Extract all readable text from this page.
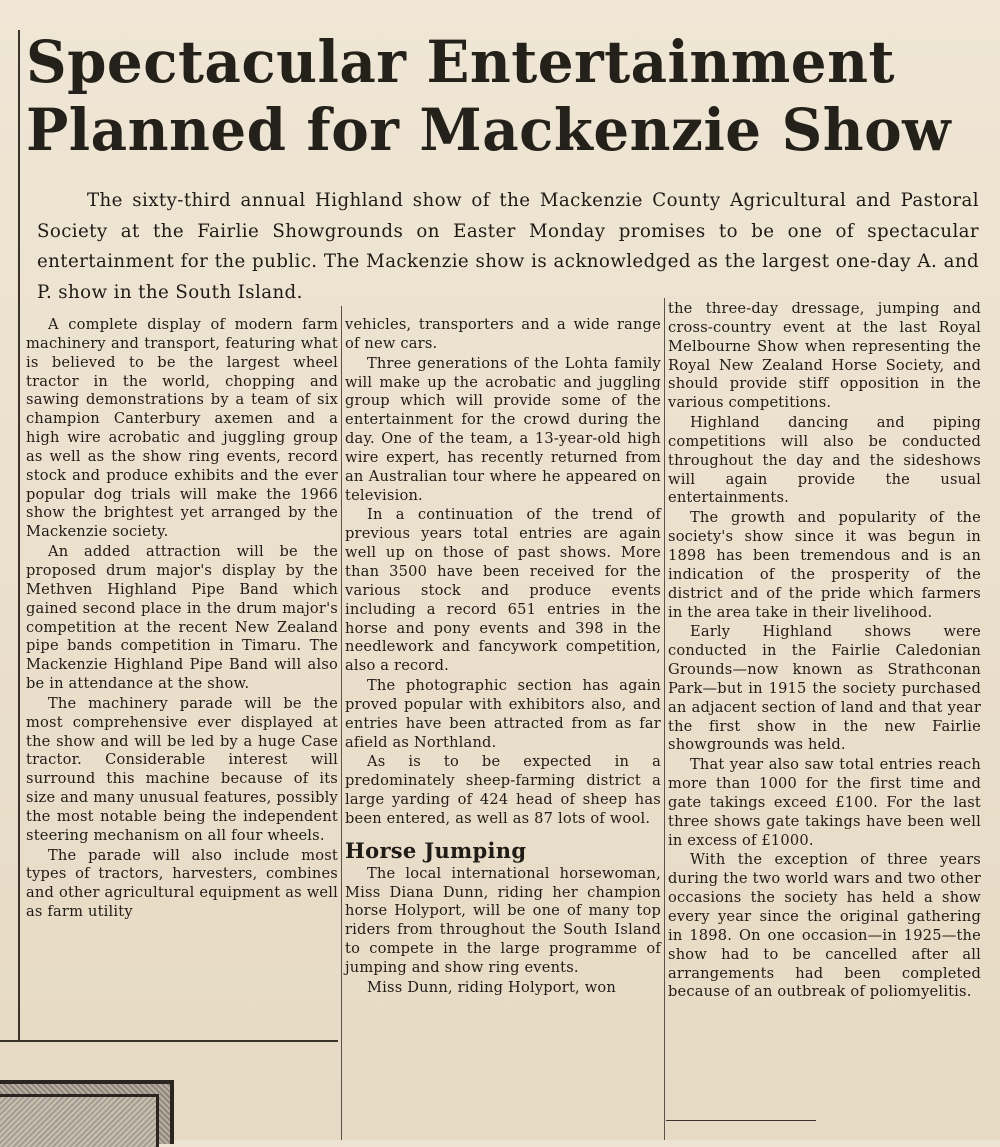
Spectacular Entertainment
Planned for Mackenzie Show

The sixty-third annual Highland show of the Mackenzie County Agricultural and Pastoral Society at the Fairlie Showgrounds on Easter Monday promises to be one of spectacular entertainment for the public. The Mackenzie show is acknowledged as the largest one-day A. and P. show in the South Island.

A complete display of modern farm machinery and transport, featuring what is believed to be the largest wheel tractor in the world, chopping and sawing demonstrations by a team of six champion Canterbury axemen and a high wire acrobatic and juggling group as well as the show ring events, record stock and produce exhibits and the ever popular dog trials will make the 1966 show the brightest yet arranged by the Mackenzie society.

An added attraction will be the proposed drum major's display by the Methven Highland Pipe Band which gained second place in the drum major's competition at the recent New Zealand pipe bands competition in Timaru. The Mackenzie Highland Pipe Band will also be in attendance at the show.

The machinery parade will be the most comprehensive ever displayed at the show and will be led by a huge Case tractor. Considerable interest will surround this machine because of its size and many unusual features, possibly the most notable being the independent steering mechanism on all four wheels.

The parade will also include most types of tractors, harvesters, combines and other agricultural equipment as well as farm utility

vehicles, transporters and a wide range of new cars.

Three generations of the Lohta family will make up the acrobatic and juggling group which will provide some of the entertainment for the crowd during the day. One of the team, a 13-year-old high wire expert, has recently returned from an Australian tour where he appeared on television.

In a continuation of the trend of previous years total entries are again well up on those of past shows. More than 3500 have been received for the various stock and produce events including a record 651 entries in the horse and pony events and 398 in the needlework and fancywork competition, also a record.

The photographic section has again proved popular with exhibitors also, and entries have been attracted from as far afield as Northland.

As is to be expected in a predominately sheep-farming district a large yarding of 424 head of sheep has been entered, as well as 87 lots of wool.

Horse Jumping

The local international horsewoman, Miss Diana Dunn, riding her champion horse Holyport, will be one of many top riders from throughout the South Island to compete in the large programme of jumping and show ring events.

Miss Dunn, riding Holyport, won

the three-day dressage, jumping and cross-country event at the last Royal Melbourne Show when representing the Royal New Zealand Horse Society, and should provide stiff opposition in the various competitions.

Highland dancing and piping competitions will also be conducted throughout the day and the sideshows will again provide the usual entertainments.

The growth and popularity of the society's show since it was begun in 1898 has been tremendous and is an indication of the prosperity of the district and of the pride which farmers in the area take in their livelihood.

Early Highland shows were conducted in the Fairlie Caledonian Grounds—now known as Strathconan Park—but in 1915 the society purchased an adjacent section of land and that year the first show in the new Fairlie showgrounds was held.

That year also saw total entries reach more than 1000 for the first time and gate takings exceed £100. For the last three shows gate takings have been well in excess of £1000.

With the exception of three years during the two world wars and two other occasions the society has held a show every year since the original gathering in 1898. On one occasion—in 1925—the show had to be cancelled after all arrangements had been completed because of an outbreak of poliomyelitis.
